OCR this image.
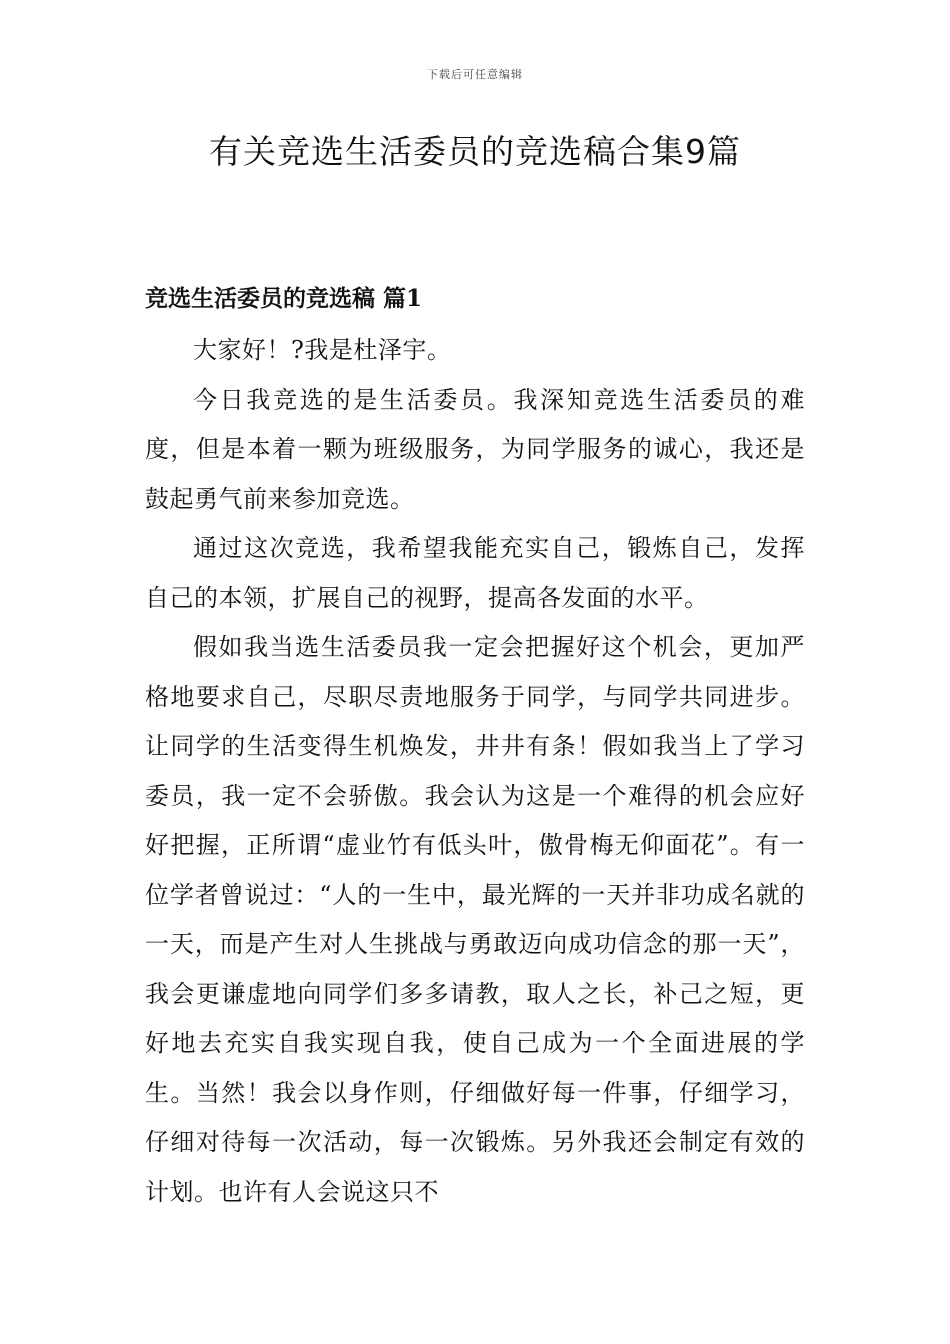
下载后可任意编辑
有关竞选生活委员的竞选稿合集9篇
竞选生活委员的竞选稿 篇1

大家好！?我是杜泽宇。

今日我竞选的是生活委员。我深知竞选生活委员的难度，但是本着一颗为班级服务，为同学服务的诚心，我还是鼓起勇气前来参加竞选。

通过这次竞选，我希望我能充实自己，锻炼自己，发挥自己的本领，扩展自己的视野，提高各发面的水平。

假如我当选生活委员我一定会把握好这个机会，更加严格地要求自己，尽职尽责地服务于同学，与同学共同进步。让同学的生活变得生机焕发，井井有条！假如我当上了学习委员，我一定不会骄傲。我会认为这是一个难得的机会应好好把握，正所谓“虚业竹有低头叶，傲骨梅无仰面花”。有一位学者曾说过：“人的一生中，最光辉的一天并非功成名就的一天，而是产生对人生挑战与勇敢迈向成功信念的那一天”，我会更谦虚地向同学们多多请教，取人之长，补己之短，更好地去充实自我实现自我，使自己成为一个全面进展的学生。当然！我会以身作则，仔细做好每一件事，仔细学习，仔细对待每一次活动，每一次锻炼。另外我还会制定有效的计划。也许有人会说这只不
